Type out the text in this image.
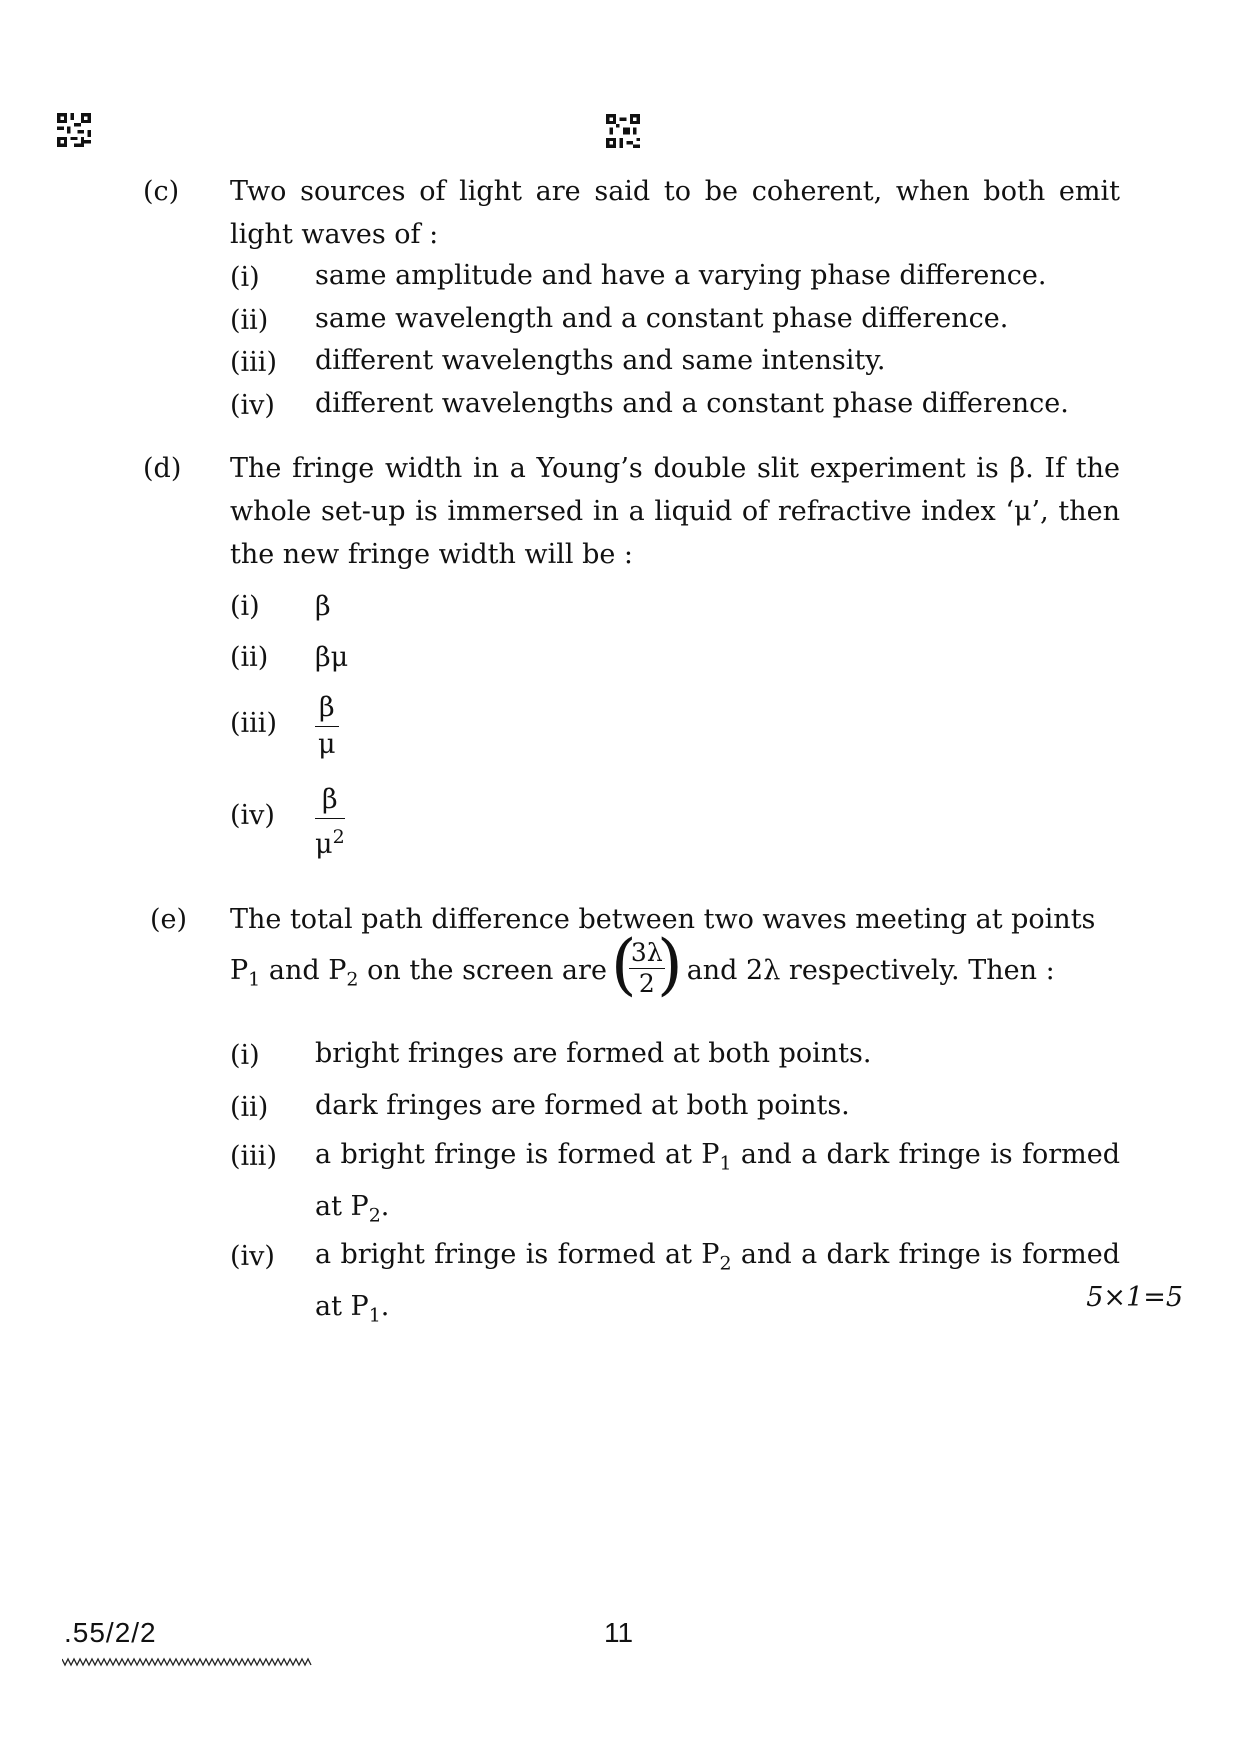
(c) Two sources of light are said to be coherent, when both emit light waves of :
(i) same amplitude and have a varying phase difference.
(ii) same wavelength and a constant phase difference.
(iii) different wavelengths and same intensity.
(iv) different wavelengths and a constant phase difference.
(d) The fringe width in a Young’s double slit experiment is β. If the whole set-up is immersed in a liquid of refractive index ‘μ’, then the new fringe width will be :
(i) β
(ii) βμ
(iii)
β
μ
(iv)
β
$\mu^2$
(e) The total path difference between two waves meeting at points
$P_1$ and $P_2$ on the screen are (
$\frac{3\lambda}{2}$
) and 2λ respectively. Then :
(i) bright fringes are formed at both points.
(ii) dark fringes are formed at both points.
(iii) a bright fringe is formed at $P_1$ and a dark fringe is formed at $P_2$.
(iv) a bright fringe is formed at $P_2$ and a dark fringe is formed at $P_1$.	5×1=5
.55/2/2	11
